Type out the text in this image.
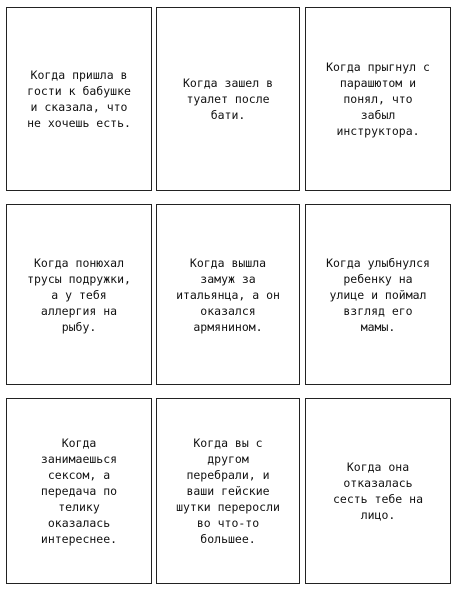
Когда пришла в
гости к бабушке
и сказала, что
не хочешь есть.
Когда зашел в
туалет после
бати.
Когда прыгнул с
парашютом и
понял, что
забыл
инструктора.
Когда понюхал
трусы подружки,
а у тебя
аллергия на
рыбу.
Когда вышла
замуж за
итальянца, а он
оказался
армянином.
Когда улыбнулся
ребенку на
улице и поймал
взгляд его
мамы.
Когда
занимаешься
сексом, а
передача по
телику
оказалась
интереснее.
Когда вы с
другом
перебрали, и
ваши гейские
шутки переросли
во что-то
большее.
Когда она
отказалась
сесть тебе на
лицо.
